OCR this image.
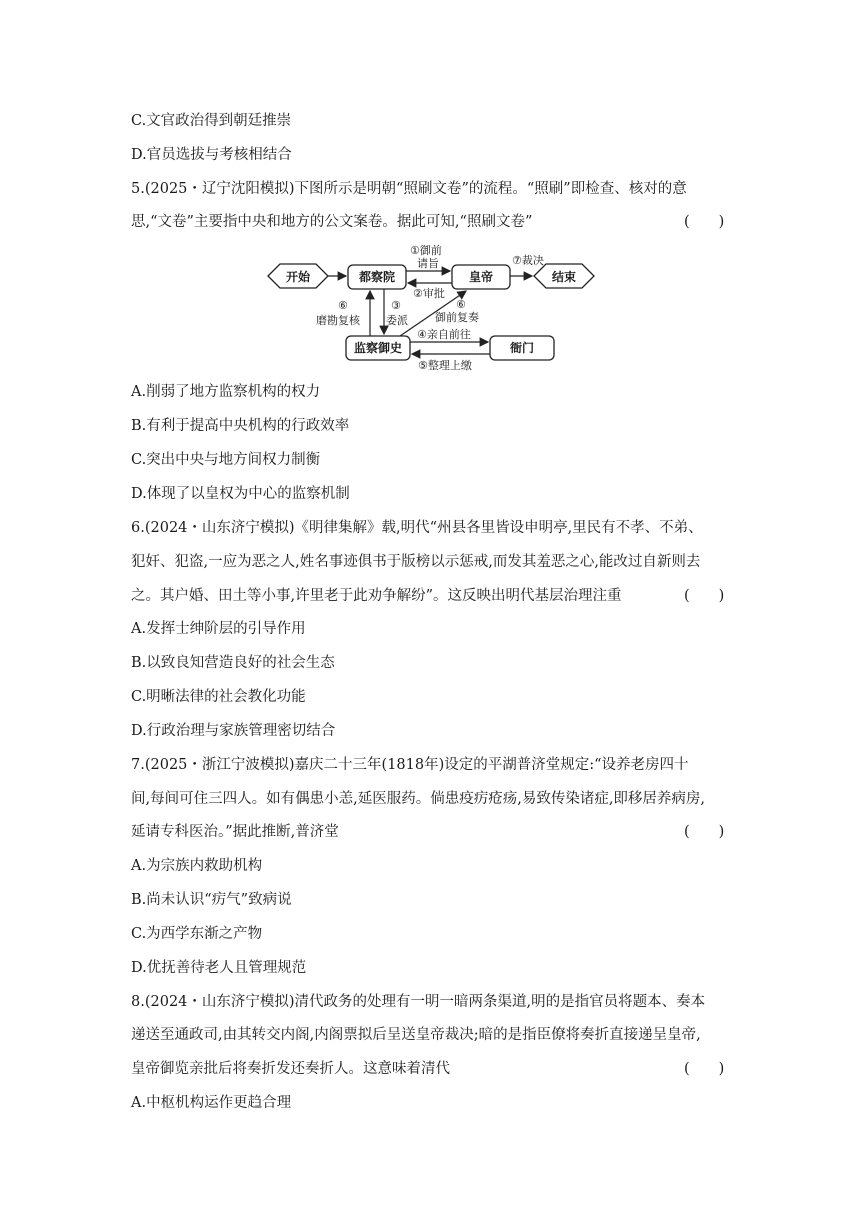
C.文官政治得到朝廷推崇
D.官员选拔与考核相结合
5.(2025・辽宁沈阳模拟)下图所示是明朝“照刷文卷”的流程。“照刷”即检查、核对的意
思,“文卷”主要指中央和地方的公文案卷。据此可知,“照刷文卷”	(　　)
开始	都察院	皇帝	结束
监察御史	衙门
①御前
请旨
②审批
⑦裁决
③
委派
⑥
磨勘复核
⑥
御前复奏
④亲自前往
⑤整理上缴
A.削弱了地方监察机构的权力
B.有利于提高中央机构的行政效率
C.突出中央与地方间权力制衡
D.体现了以皇权为中心的监察机制
6.(2024・山东济宁模拟)《明律集解》载,明代“州县各里皆设申明亭,里民有不孝、不弟、
犯奸、犯盗,一应为恶之人,姓名事迹俱书于版榜以示惩戒,而发其羞恶之心,能改过自新则去
之。其户婚、田土等小事,许里老于此劝争解纷”。这反映出明代基层治理注重	(　　)
A.发挥士绅阶层的引导作用
B.以致良知营造良好的社会生态
C.明晰法律的社会教化功能
D.行政治理与家族管理密切结合
7.(2025・浙江宁波模拟)嘉庆二十三年(1818年)设定的平湖普济堂规定:“设养老房四十
间,每间可住三四人。如有偶患小恙,延医服药。倘患疫疠疮疡,易致传染诸症,即移居养病房,
延请专科医治。”据此推断,普济堂	(　　)
A.为宗族内救助机构
B.尚未认识“疠气”致病说
C.为西学东渐之产物
D.优抚善待老人且管理规范
8.(2024・山东济宁模拟)清代政务的处理有一明一暗两条渠道,明的是指官员将题本、奏本
递送至通政司,由其转交内阁,内阁票拟后呈送皇帝裁决;暗的是指臣僚将奏折直接递呈皇帝,
皇帝御览亲批后将奏折发还奏折人。这意味着清代	(　　)
A.中枢机构运作更趋合理
